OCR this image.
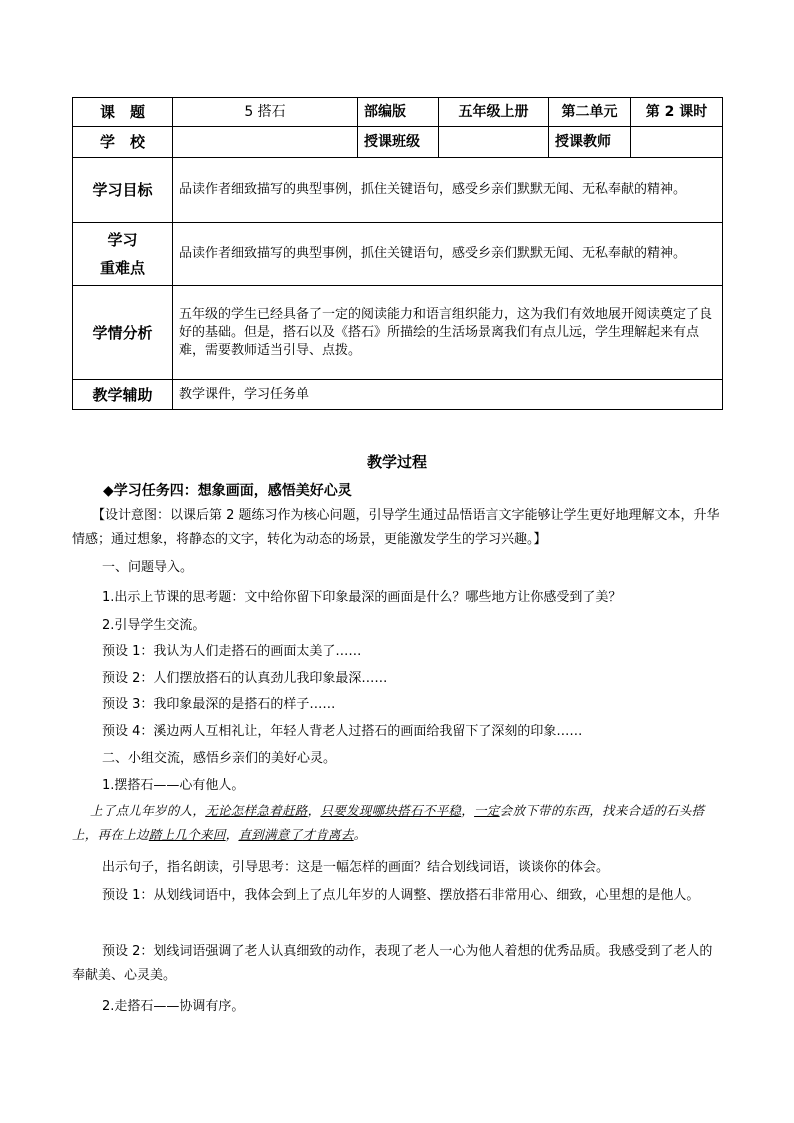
课　题	5 搭石	部编版	五年级上册	第二单元	第 2 课时
学　校		授课班级		授课教师	
学习目标	品读作者细致描写的典型事例，抓住关键语句，感受乡亲们默默无闻、无私奉献的精神。				
学习
重难点	品读作者细致描写的典型事例，抓住关键语句，感受乡亲们默默无闻、无私奉献的精神。				
学情分析	五年级的学生已经具备了一定的阅读能力和语言组织能力，这为我们有效地展开阅读奠定了良好的基础。但是，搭石以及《搭石》所描绘的生活场景离我们有点儿远，学生理解起来有点难，需要教师适当引导、点拨。				
教学辅助	教学课件，学习任务单				
教学过程
◆学习任务四：想象画面，感悟美好心灵
【设计意图：以课后第 2 题练习作为核心问题，引导学生通过品悟语言文字能够让学生更好地理解文本，升华情感；通过想象，将静态的文字，转化为动态的场景，更能激发学生的学习兴趣。】
一、问题导入。
1.出示上节课的思考题：文中给你留下印象最深的画面是什么？哪些地方让你感受到了美？
2.引导学生交流。
预设 1：我认为人们走搭石的画面太美了……
预设 2：人们摆放搭石的认真劲儿我印象最深……
预设 3：我印象最深的是搭石的样子……
预设 4：溪边两人互相礼让，年轻人背老人过搭石的画面给我留下了深刻的印象……
二、小组交流，感悟乡亲们的美好心灵。
1.摆搭石——心有他人。
上了点儿年岁的人，无论怎样急着赶路，只要发现哪块搭石不平稳，一定会放下带的东西，找来合适的石头搭上，再在上边踏上几个来回，直到满意了才肯离去。
出示句子，指名朗读，引导思考：这是一幅怎样的画面？结合划线词语，谈谈你的体会。
预设 1：从划线词语中，我体会到上了点儿年岁的人调整、摆放搭石非常用心、细致，心里想的是他人。
预设 2：划线词语强调了老人认真细致的动作，表现了老人一心为他人着想的优秀品质。我感受到了老人的奉献美、心灵美。
2.走搭石——协调有序。
